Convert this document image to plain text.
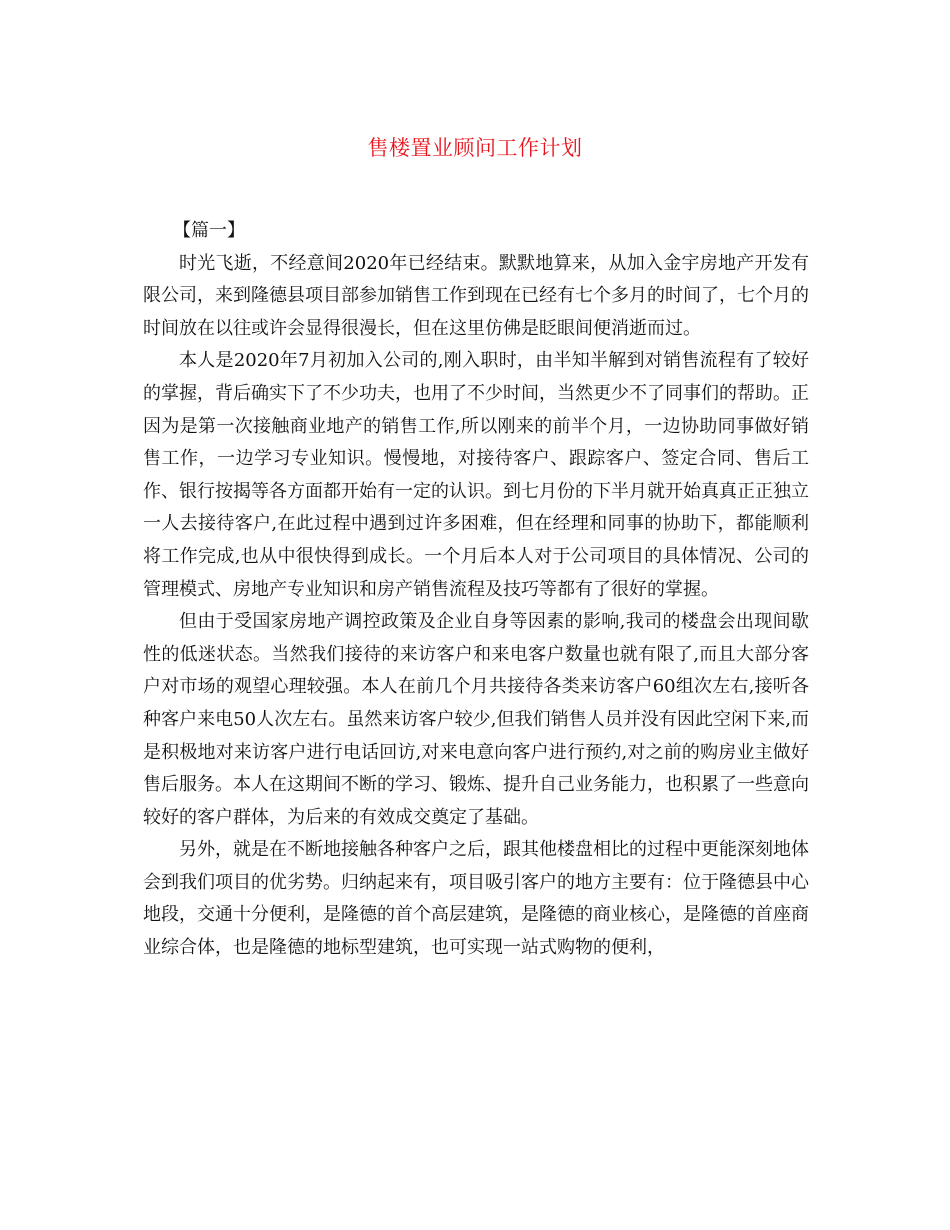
售楼置业顾问工作计划

【篇一】

时光飞逝，不经意间2020年已经结束。默默地算来，从加入金宇房地产开发有限公司，来到隆德县项目部参加销售工作到现在已经有七个多月的时间了，七个月的时间放在以往或许会显得很漫长，但在这里仿佛是眨眼间便消逝而过。

本人是2020年7月初加入公司的,刚入职时，由半知半解到对销售流程有了较好的掌握，背后确实下了不少功夫，也用了不少时间，当然更少不了同事们的帮助。正因为是第一次接触商业地产的销售工作,所以刚来的前半个月，一边协助同事做好销售工作，一边学习专业知识。慢慢地，对接待客户、跟踪客户、签定合同、售后工作、银行按揭等各方面都开始有一定的认识。到七月份的下半月就开始真真正正独立一人去接待客户,在此过程中遇到过许多困难，但在经理和同事的协助下，都能顺利将工作完成,也从中很快得到成长。一个月后本人对于公司项目的具体情况、公司的管理模式、房地产专业知识和房产销售流程及技巧等都有了很好的掌握。

但由于受国家房地产调控政策及企业自身等因素的影响,我司的楼盘会出现间歇性的低迷状态。当然我们接待的来访客户和来电客户数量也就有限了,而且大部分客户对市场的观望心理较强。本人在前几个月共接待各类来访客户60组次左右,接听各种客户来电50人次左右。虽然来访客户较少,但我们销售人员并没有因此空闲下来,而是积极地对来访客户进行电话回访,对来电意向客户进行预约,对之前的购房业主做好售后服务。本人在这期间不断的学习、锻炼、提升自己业务能力，也积累了一些意向较好的客户群体，为后来的有效成交奠定了基础。

另外，就是在不断地接触各种客户之后，跟其他楼盘相比的过程中更能深刻地体会到我们项目的优劣势。归纳起来有，项目吸引客户的地方主要有：位于隆德县中心地段，交通十分便利，是隆德的首个高层建筑，是隆德的商业核心，是隆德的首座商业综合体，也是隆德的地标型建筑，也可实现一站式购物的便利，
